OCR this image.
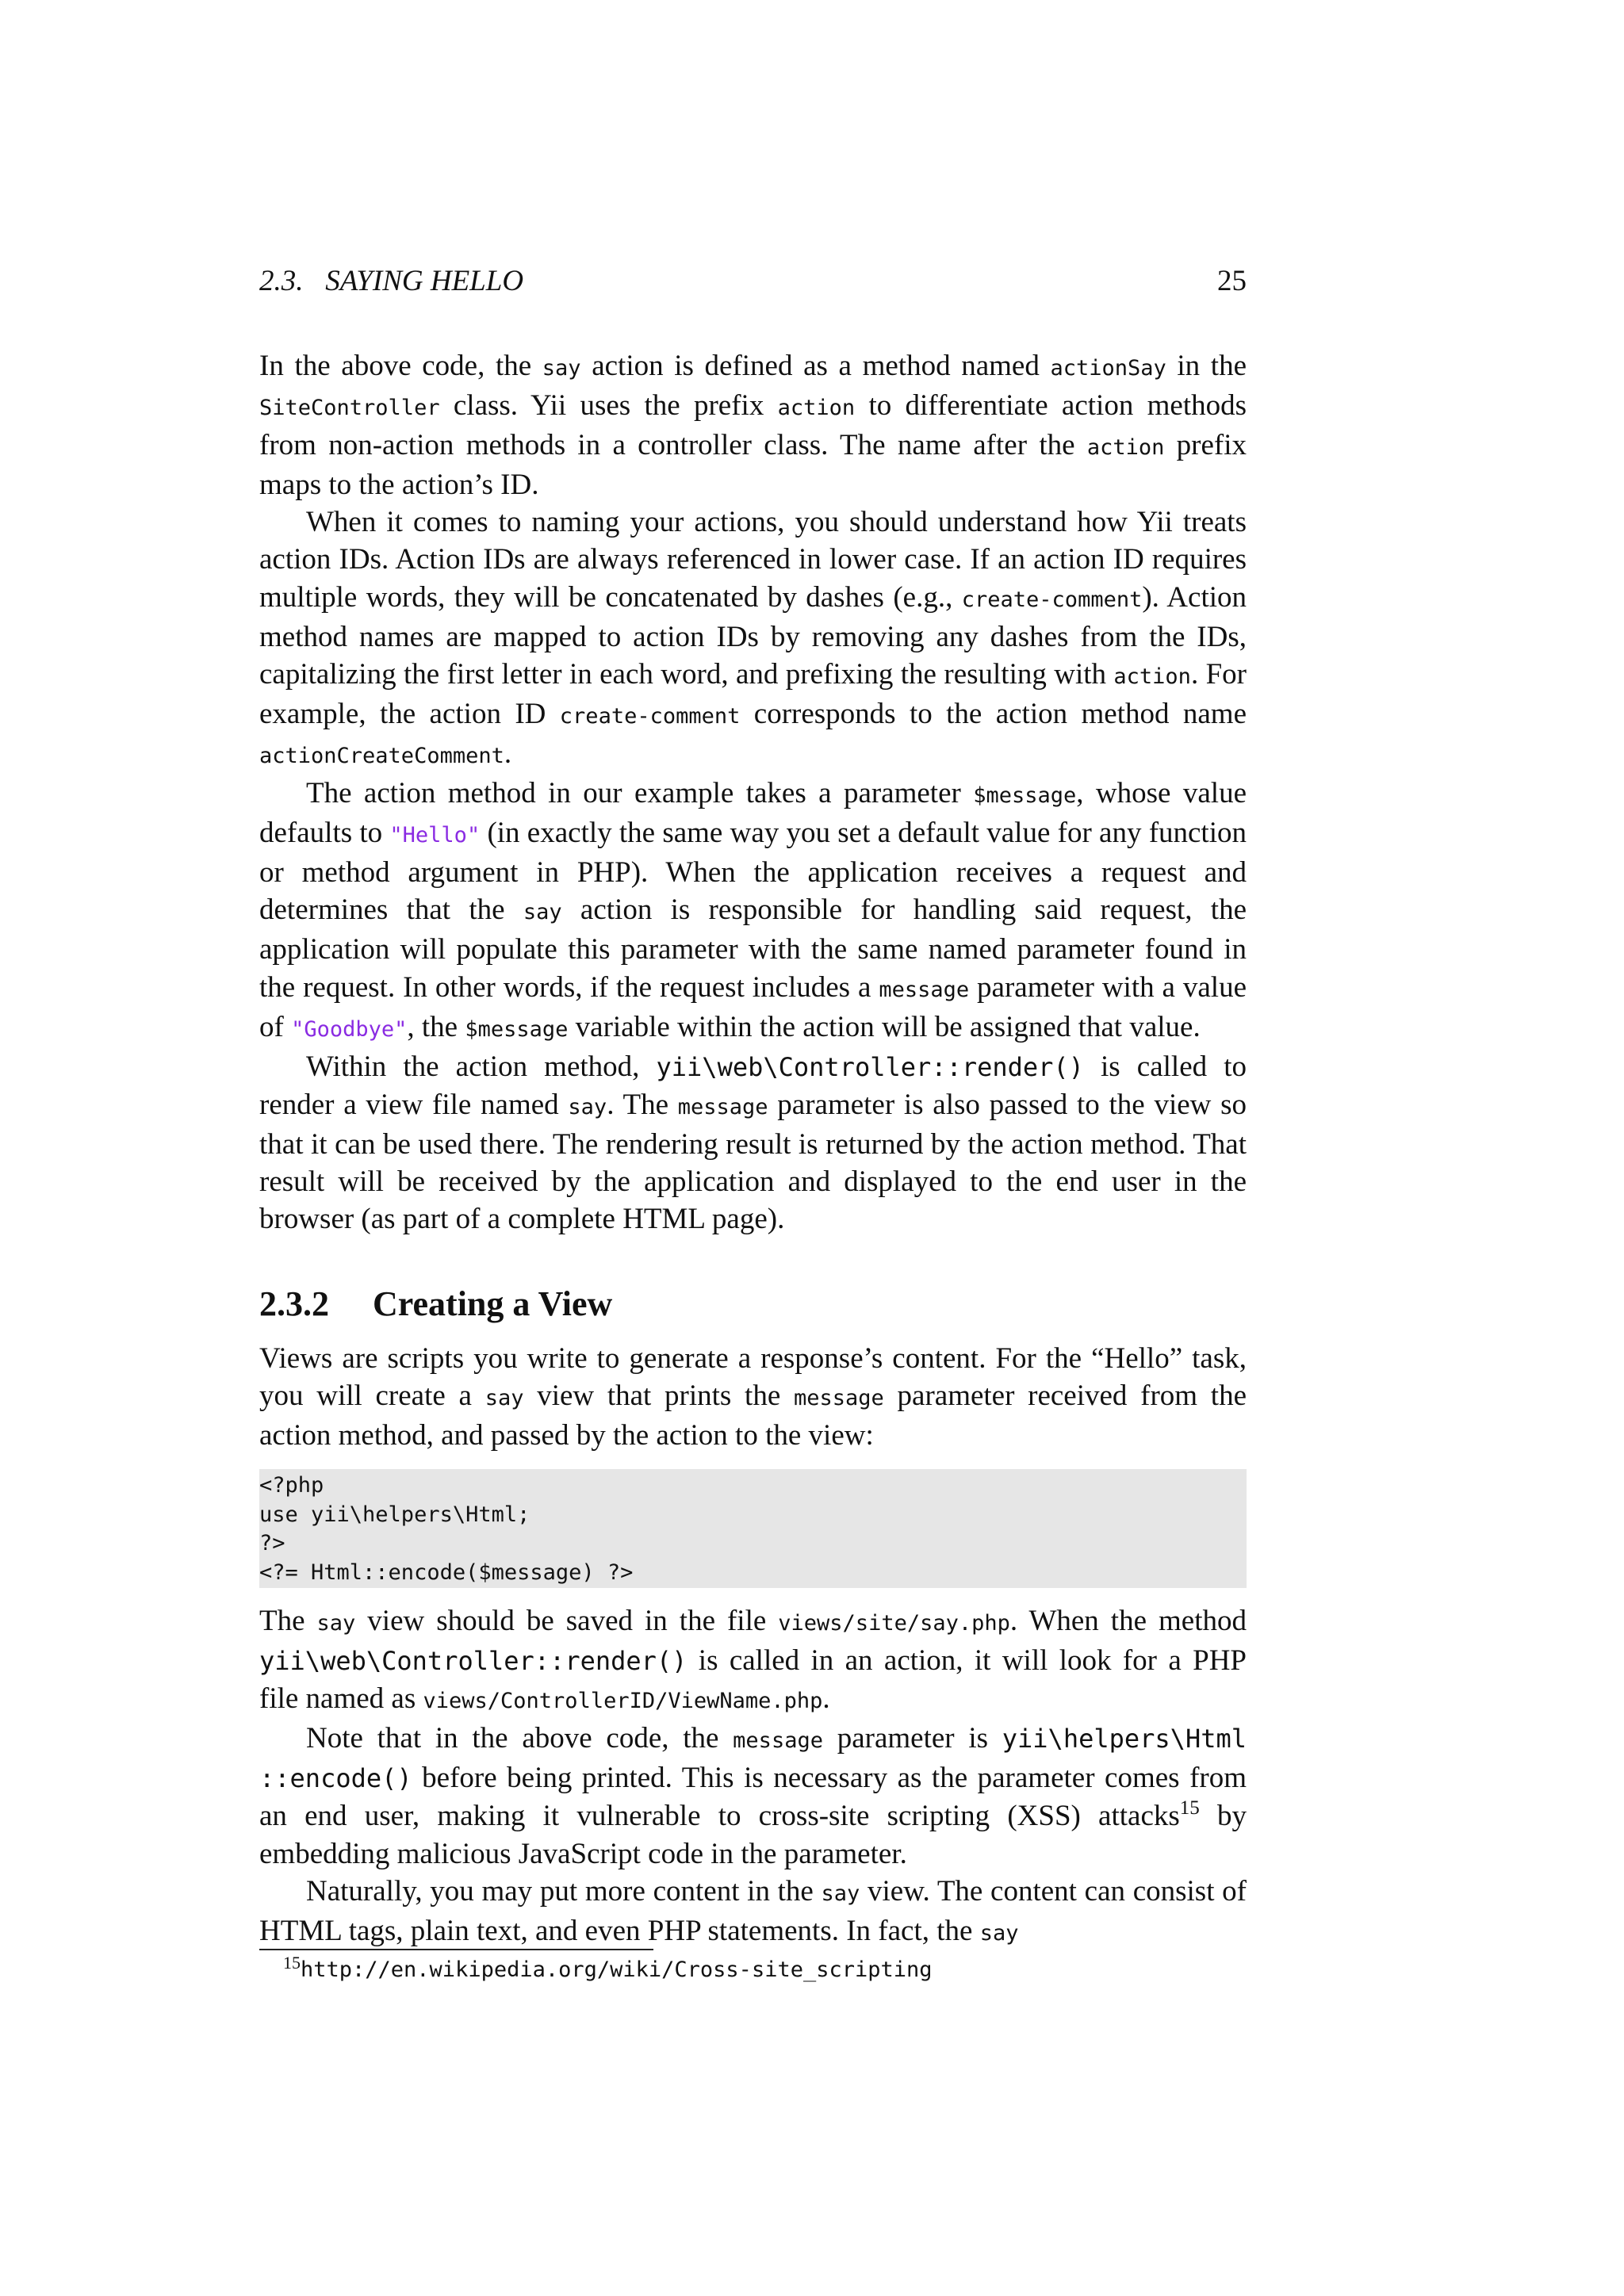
2.3.   SAYING HELLO	25

In the above code, the say action is defined as a method named actionSay in the SiteController class. Yii uses the prefix action to differentiate action methods from non-action methods in a controller class. The name after the action prefix maps to the action’s ID.

When it comes to naming your actions, you should understand how Yii treats action IDs. Action IDs are always referenced in lower case. If an action ID requires multiple words, they will be concatenated by dashes (e.g., create-comment). Action method names are mapped to action IDs by removing any dashes from the IDs, capitalizing the first letter in each word, and prefixing the resulting with action. For example, the action ID create-comment corresponds to the action method name actionCreateComment.

The action method in our example takes a parameter $message, whose value defaults to "Hello" (in exactly the same way you set a default value for any function or method argument in PHP). When the application receives a request and determines that the say action is responsible for handling said request, the application will populate this parameter with the same named parameter found in the request. In other words, if the request includes a message parameter with a value of "Goodbye", the $message variable within the action will be assigned that value.

Within the action method, yii\web\Controller::render() is called to render a view file named say. The message parameter is also passed to the view so that it can be used there. The rendering result is returned by the action method. That result will be received by the application and displayed to the end user in the browser (as part of a complete HTML page).

2.3.2 Creating a View

Views are scripts you write to generate a response’s content. For the “Hello” task, you will create a say view that prints the message parameter received from the action method, and passed by the action to the view:

<?php
use yii\helpers\Html;
?>
<?= Html::encode($message) ?>

The say view should be saved in the file views/site/say.php. When the method yii\web\Controller::render() is called in an action, it will look for a PHP file named as views/ControllerID/ViewName.php.

Note that in the above code, the message parameter is yii\helpers\Html ::encode() before being printed. This is necessary as the parameter comes from an end user, making it vulnerable to cross-site scripting (XSS) attacks$^{15}$ by embedding malicious JavaScript code in the parameter.

Naturally, you may put more content in the say view. The content can consist of HTML tags, plain text, and even PHP statements. In fact, the say

$^{15}$http://en.wikipedia.org/wiki/Cross-site_scripting
